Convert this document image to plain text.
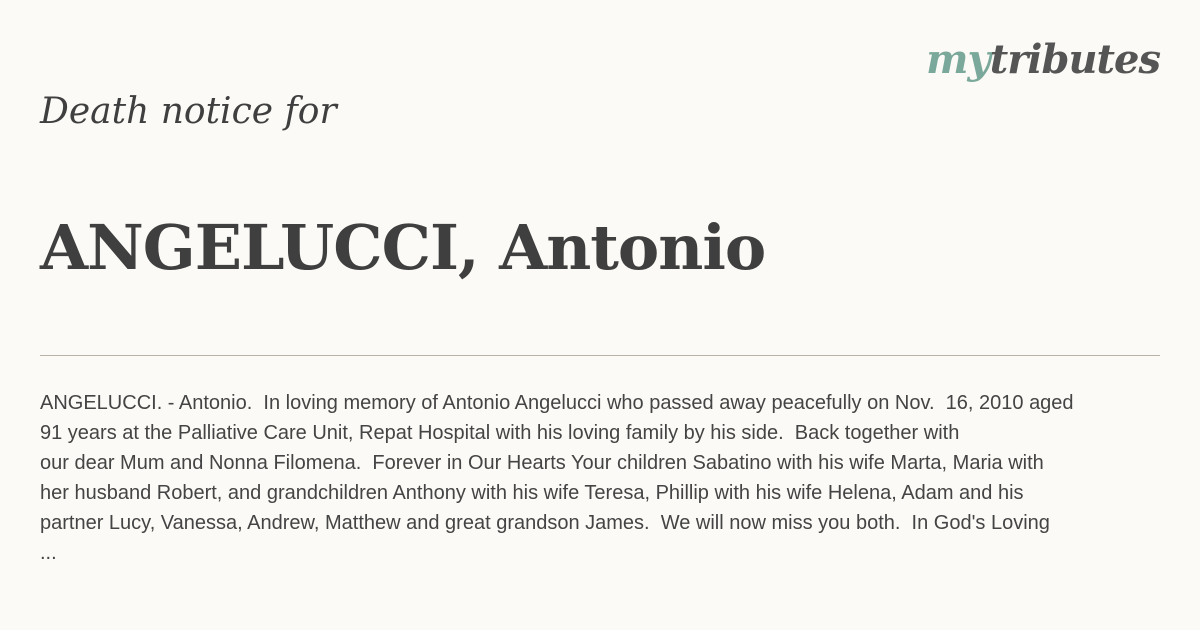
mytributes
Death notice for
ANGELUCCI, Antonio

ANGELUCCI. - Antonio.  In loving memory of Antonio Angelucci who passed away peacefully on Nov.  16, 2010 aged

91 years at the Palliative Care Unit, Repat Hospital with his loving family by his side.  Back together with

our dear Mum and Nonna Filomena.  Forever in Our Hearts Your children Sabatino with his wife Marta, Maria with

her husband Robert, and grandchildren Anthony with his wife Teresa, Phillip with his wife Helena, Adam and his

partner Lucy, Vanessa, Andrew, Matthew and great grandson James.  We will now miss you both.  In God's Loving

...
